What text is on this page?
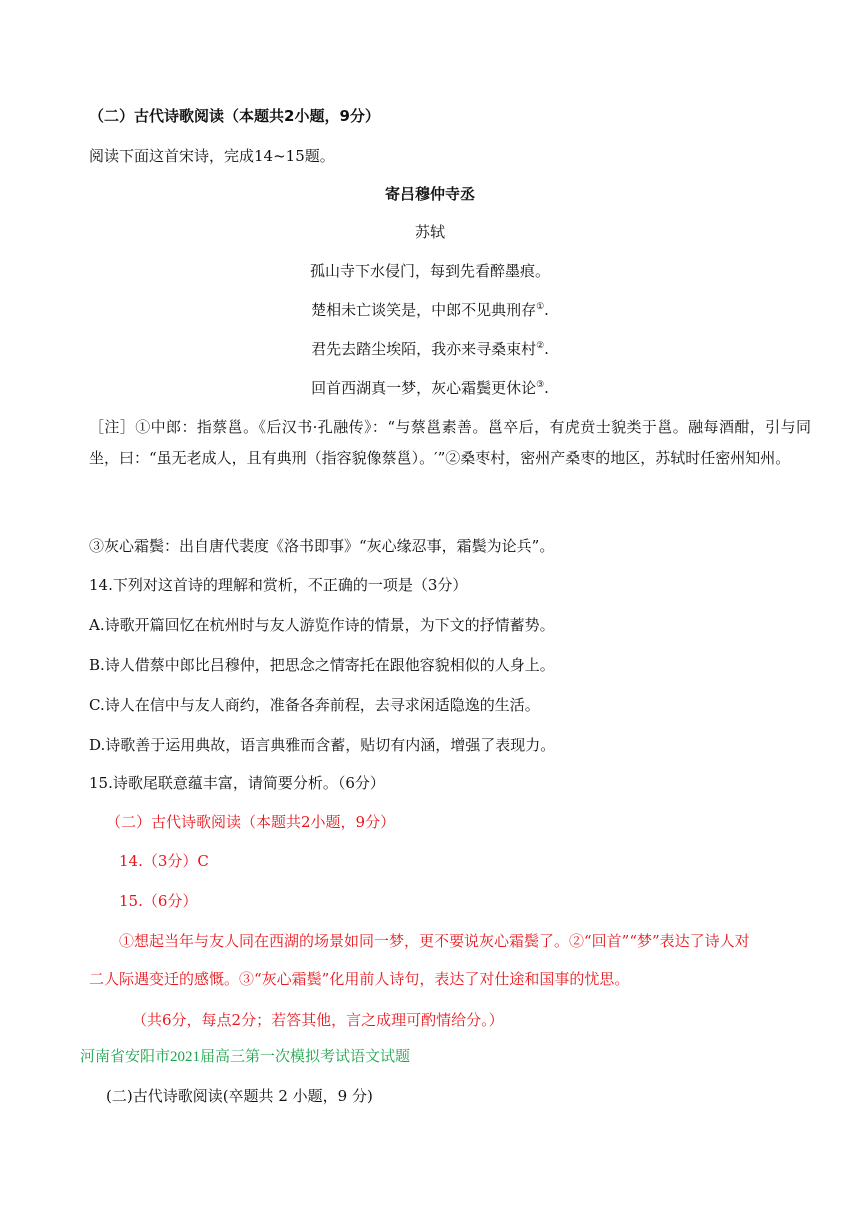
（二）古代诗歌阅读（本题共2小题，9分）
阅读下面这首宋诗，完成14~15题。
寄吕穆仲寺丞
苏轼
孤山寺下水侵门，每到先看醉墨痕。
楚相未亡谈笑是，中郎不见典刑存①.
君先去踏尘埃陌，我亦来寻桑束村②.
回首西湖真一梦，灰心霜鬓更休论③.

［注］①中郎：指蔡邕。《后汉书·孔融传》：“与蔡邕素善。邕卒后，有虎贲士貌类于邕。融每酒酣，引与同坐，曰：“虽无老成人，且有典刑（指容貌像蔡邕）。′”②桑枣村，密州产桑枣的地区，苏轼时任密州知州。

③灰心霜鬓：出自唐代裴度《洛书即事》“灰心缘忍事，霜鬓为论兵”。
14.下列对这首诗的理解和赏析，不正确的一项是（3分）
A.诗歌开篇回忆在杭州时与友人游览作诗的情景，为下文的抒情蓄势。
B.诗人借蔡中郎比吕穆仲，把思念之情寄托在跟他容貌相似的人身上。
C.诗人在信中与友人商约，准备各奔前程，去寻求闲适隐逸的生活。
D.诗歌善于运用典故，语言典雅而含蓄，贴切有内涵，增强了表现力。
15.诗歌尾联意蕴丰富，请简要分析。（6分）
（二）古代诗歌阅读（本题共2小题，9分）
14.（3分）C
15.（6分）
①想起当年与友人同在西湖的场景如同一梦，更不要说灰心霜鬓了。②“回首”“梦”表达了诗人对
二人际遇变迁的感慨。③“灰心霜鬓”化用前人诗句，表达了对仕途和国事的忧思。
（共6分，每点2分；若答其他，言之成理可酌情给分。）
河南省安阳市2021届高三第一次模拟考试语文试题
(二)古代诗歌阅读(卒题共 2 小题，9 分)
